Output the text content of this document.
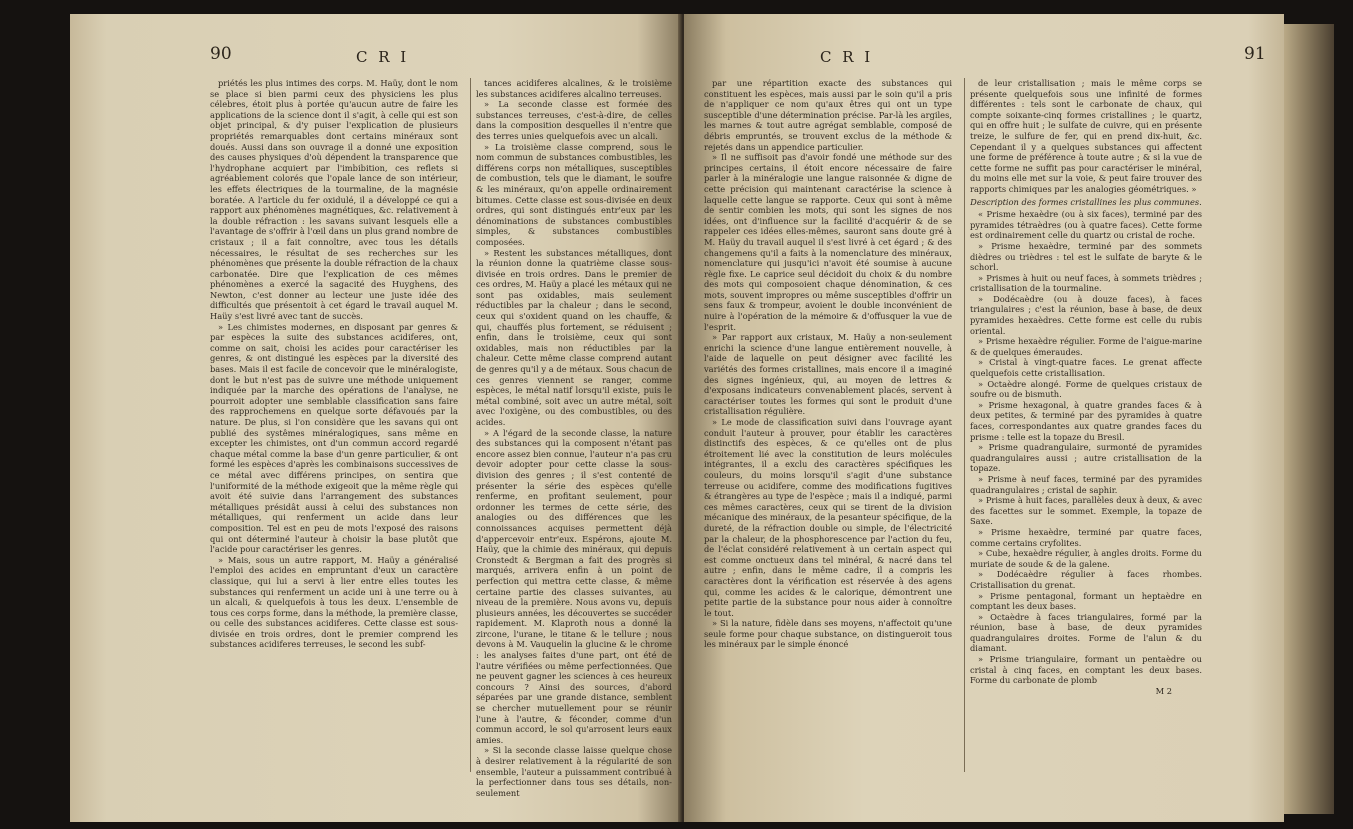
90	C R I

priétés les plus intimes des corps. M. Haüy, dont le nom se place si bien parmi ceux des physiciens les plus célebres, étoit plus à portée qu'aucun autre de faire les applications de la science dont il s'agit, à celle qui est son objet principal, & d'y puiser l'explication de plusieurs propriétés remarquables dont certains minéraux sont doués. Aussi dans son ouvrage il a donné une exposition des causes physiques d'où dépendent la transparence que l'hydrophane acquiert par l'imbibition, ces reflets si agréablement colorés que l'opale lance de son intérieur, les effets électriques de la tourmaline, de la magnésie boratée. A l'article du fer oxidulé, il a développé ce qui a rapport aux phénomènes magnétiques, &c. relativement à la double réfraction : les savans suivant lesquels elle a l'avantage de s'offrir à l'œil dans un plus grand nombre de cristaux ; il a fait connoître, avec tous les détails nécessaires, le résultat de ses recherches sur les phénomènes que présente la double réfraction de la chaux carbonatée. Dire que l'explication de ces mêmes phénomènes a exercé la sagacité des Huyghens, des Newton, c'est donner au lecteur une juste idée des difficultés que présentoit à cet égard le travail auquel M. Haüy s'est livré avec tant de succès.

» Les chimistes modernes, en disposant par genres & par espèces la suite des substances acidiferes, ont, comme on sait, choisi les acides pour caractériser les genres, & ont distingué les espèces par la diversité des bases. Mais il est facile de concevoir que le minéralogiste, dont le but n'est pas de suivre une méthode uniquement indiquée par la marche des opérations de l'analyse, ne pourroit adopter une semblable classification sans faire des rapprochemens en quelque sorte défavoués par la nature. De plus, si l'on considère que les savans qui ont publié des systêmes minéralogiques, sans même en excepter les chimistes, ont d'un commun accord regardé chaque métal comme la base d'un genre particulier, & ont formé les espèces d'après les combinaisons successives de ce métal avec différens principes, on sentira que l'uniformité de la méthode exigeoit que la même règle qui avoit été suivie dans l'arrangement des substances métalliques présidât aussi à celui des substances non métalliques, qui renferment un acide dans leur composition. Tel est en peu de mots l'exposé des raisons qui ont déterminé l'auteur à choisir la base plutôt que l'acide pour caractériser les genres.

» Mais, sous un autre rapport, M. Haüy a généralisé l'emploi des acides en empruntant d'eux un caractère classique, qui lui a servi à lier entre elles toutes les substances qui renferment un acide uni à une terre ou à un alcali, & quelquefois à tous les deux. L'ensemble de tous ces corps forme, dans la méthode, la première classe, ou celle des substances acidiferes. Cette classe est sous-divisée en trois ordres, dont le premier comprend les substances acidiferes terreuses, le second les subf-

tances acidiferes alcalines, & le troisième les substances acidiferes alcalino terreuses.

» La seconde classe est formée des substances terreuses, c'est-à-dire, de celles dans la composition desquelles il n'entre que des terres unies quelquefois avec un alcali.

» La troisième classe comprend, sous le nom commun de substances combustibles, les différens corps non métalliques, susceptibles de combustion, tels que le diamant, le soufre & les minéraux, qu'on appelle ordinairement bitumes. Cette classe est sous-divisée en deux ordres, qui sont distingués entr'eux par les dénominations de substances combustibles simples, & substances combustibles composées.

» Restent les substances métalliques, dont la réunion donne la quatrième classe sous-divisée en trois ordres. Dans le premier de ces ordres, M. Haüy a placé les métaux qui ne sont pas oxidables, mais seulement réductibles par la chaleur ; dans le second, ceux qui s'oxident quand on les chauffe, & qui, chauffés plus fortement, se réduisent ; enfin, dans le troisième, ceux qui sont oxidables, mais non réductibles par la chaleur. Cette même classe comprend autant de genres qu'il y a de métaux. Sous chacun de ces genres viennent se ranger, comme espèces, le métal natif lorsqu'il existe, puis le métal combiné, soit avec un autre métal, soit avec l'oxigène, ou des combustibles, ou des acides.

» A l'égard de la seconde classe, la nature des substances qui la composent n'étant pas encore assez bien connue, l'auteur n'a pas cru devoir adopter pour cette classe la sous-division des genres ; il s'est contenté de présenter la série des espèces qu'elle renferme, en profitant seulement, pour ordonner les termes de cette série, des analogies ou des différences que les connoissances acquises permettent déjà d'appercevoir entr'eux. Espérons, ajoute M. Haüy, que la chimie des minéraux, qui depuis Cronstedt & Bergman a fait des progrès si marqués, arrivera enfin à un point de perfection qui mettra cette classe, & même certaine partie des classes suivantes, au niveau de la première. Nous avons vu, depuis plusieurs années, les découvertes se succéder rapidement. M. Klaproth nous a donné la zircone, l'urane, le titane & le tellure ; nous devons à M. Vauquelin la glucine & le chrome : les analyses faites d'une part, ont été de l'autre vérifiées ou même perfectionnées. Que ne peuvent gagner les sciences à ces heureux concours ? Ainsi des sources, d'abord séparées par une grande distance, semblent se chercher mutuellement pour se réunir l'une à l'autre, & féconder, comme d'un commun accord, le sol qu'arrosent leurs eaux amies.

» Si la seconde classe laisse quelque chose à desirer relativement à la régularité de son ensemble, l'auteur a puissamment contribué à la perfectionner dans tous ses détails, non-seulement

C R I	91

par une répartition exacte des substances qui constituent les espèces, mais aussi par le soin qu'il a pris de n'appliquer ce nom qu'aux êtres qui ont un type susceptible d'une détermination précise. Par-là les argiles, les marnes & tout autre agrégat semblable, composé de débris empruntés, se trouvent exclus de la méthode & rejetés dans un appendice particulier.

» Il ne suffisoit pas d'avoir fondé une méthode sur des principes certains, il étoit encore nécessaire de faire parler à la minéralogie une langue raisonnée & digne de cette précision qui maintenant caractérise la science à laquelle cette langue se rapporte. Ceux qui sont à même de sentir combien les mots, qui sont les signes de nos idées, ont d'influence sur la facilité d'acquérir & de se rappeler ces idées elles-mêmes, sauront sans doute gré à M. Haüy du travail auquel il s'est livré à cet égard ; & des changemens qu'il a faits à la nomenclature des minéraux, nomenclature qui jusqu'ici n'avoit été soumise à aucune règle fixe. Le caprice seul décidoit du choix & du nombre des mots qui composoient chaque dénomination, & ces mots, souvent impropres ou même susceptibles d'offrir un sens faux & trompeur, avoient le double inconvénient de nuire à l'opération de la mémoire & d'offusquer la vue de l'esprit.

» Par rapport aux cristaux, M. Haüy a non-seulement enrichi la science d'une langue entièrement nouvelle, à l'aide de laquelle on peut désigner avec facilité les variétés des formes cristallines, mais encore il a imaginé des signes ingénieux, qui, au moyen de lettres & d'exposans indicateurs convenablement placés, servent à caractériser toutes les formes qui sont le produit d'une cristallisation régulière.

» Le mode de classification suivi dans l'ouvrage ayant conduit l'auteur à prouver, pour établir les caractères distinctifs des espèces, & ce qu'elles ont de plus étroitement lié avec la constitution de leurs molécules intégrantes, il a exclu des caractères spécifiques les couleurs, du moins lorsqu'il s'agit d'une substance terreuse ou acidifere, comme des modifications fugitives & étrangères au type de l'espèce ; mais il a indiqué, parmi ces mêmes caractères, ceux qui se tirent de la division mécanique des minéraux, de la pesanteur spécifique, de la dureté, de la réfraction double ou simple, de l'électricité par la chaleur, de la phosphorescence par l'action du feu, de l'éclat considéré relativement à un certain aspect qui est comme onctueux dans tel minéral, & nacré dans tel autre ; enfin, dans le même cadre, il a compris les caractères dont la vérification est réservée à des agens qui, comme les acides & le calorique, démontrent une petite partie de la substance pour nous aider à connoître le tout.

» Si la nature, fidèle dans ses moyens, n'affectoit qu'une seule forme pour chaque substance, on distingueroit tous les minéraux par le simple énoncé

de leur cristallisation ; mais le même corps se présente quelquefois sous une infinité de formes différentes : tels sont le carbonate de chaux, qui compte soixante-cinq formes cristallines ; le quartz, qui en offre huit ; le sulfate de cuivre, qui en présente treize, le sulfure de fer, qui en prend dix-huit, &c. Cependant il y a quelques substances qui affectent une forme de préférence à toute autre ; & si la vue de cette forme ne suffit pas pour caractériser le minéral, du moins elle met sur la voie, & peut faire trouver des rapports chimiques par les analogies géométriques. »

Description des formes cristallines les plus communes.

« Prisme hexaèdre (ou à six faces), terminé par des pyramides tétraèdres (ou à quatre faces). Cette forme est ordinairement celle du quartz ou cristal de roche.

» Prisme hexaèdre, terminé par des sommets dièdres ou trièdres : tel est le sulfate de baryte & le schorl.

» Prismes à huit ou neuf faces, à sommets trièdres ; cristallisation de la tourmaline.

» Dodécaèdre (ou à douze faces), à faces triangulaires ; c'est la réunion, base à base, de deux pyramides hexaèdres. Cette forme est celle du rubis oriental.

» Prisme hexaèdre régulier. Forme de l'aigue-marine & de quelques émeraudes.

» Cristal à vingt-quatre faces. Le grenat affecte quelquefois cette cristallisation.

» Octaèdre alongé. Forme de quelques cristaux de soufre ou de bismuth.

» Prisme hexagonal, à quatre grandes faces & à deux petites, & terminé par des pyramides à quatre faces, correspondantes aux quatre grandes faces du prisme : telle est la topaze du Bresil.

» Prisme quadrangulaire, surmonté de pyramides quadrangulaires aussi ; autre cristallisation de la topaze.

» Prisme à neuf faces, terminé par des pyramides quadrangulaires ; cristal de saphir.

» Prisme à huit faces, parallèles deux à deux, & avec des facettes sur le sommet. Exemple, la topaze de Saxe.

» Prisme hexaèdre, terminé par quatre faces, comme certains cryfolites.

» Cube, hexaèdre régulier, à angles droits. Forme du muriate de soude & de la galene.

» Dodécaèdre régulier à faces rhombes. Cristallisation du grenat.

» Prisme pentagonal, formant un heptaèdre en comptant les deux bases.

» Octaèdre à faces triangulaires, formé par la réunion, base à base, de deux pyramides quadrangulaires droites. Forme de l'alun & du diamant.

» Prisme triangulaire, formant un pentaèdre ou cristal à cinq faces, en comptant les deux bases. Forme du carbonate de plomb

M 2
